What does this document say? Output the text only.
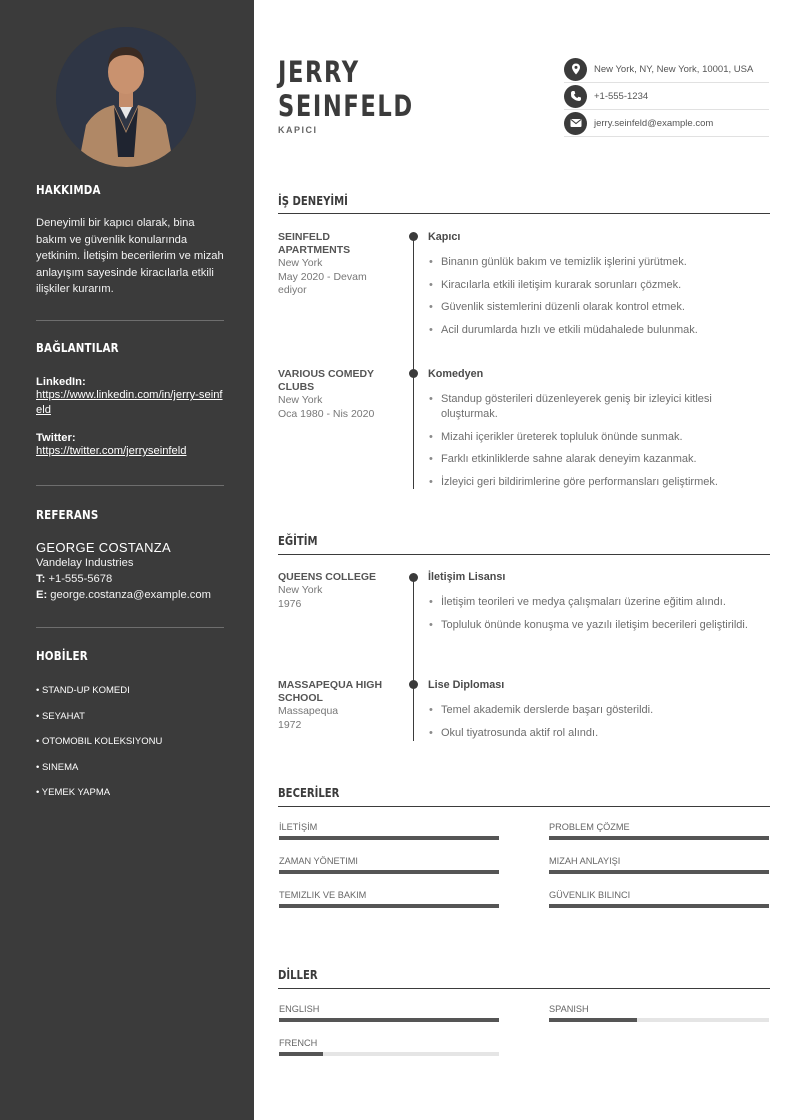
HAKKIMDA
Deneyimli bir kapıcı olarak, bina bakım ve güvenlik konularında yetkinim. İletişim becerilerim ve mizah anlayışım sayesinde kiracılarla etkili ilişkiler kurarım.
BAĞLANTILAR
LinkedIn:
https://www.linkedin.com/in/jerry-seinfeld
Twitter:
https://twitter.com/jerryseinfeld
REFERANS
GEORGE COSTANZA
Vandelay Industries
T: +1-555-5678
E: george.costanza@example.com
HOBİLER
• STAND-UP KOMEDI
• SEYAHAT
• OTOMOBIL KOLEKSIYONU
• SINEMA
• YEMEK YAPMA
JERRY
SEINFELD
KAPICI
New York, NY, New York, 10001, USA
+1-555-1234
jerry.seinfeld@example.com
İŞ DENEYİMİ
SEINFELD APARTMENTS
New York
May 2020 - Devam ediyor
Kapıcı
• Binanın günlük bakım ve temizlik işlerini yürütmek.
• Kiracılarla etkili iletişim kurarak sorunları çözmek.
• Güvenlik sistemlerini düzenli olarak kontrol etmek.
• Acil durumlarda hızlı ve etkili müdahalede bulunmak.
VARIOUS COMEDY CLUBS
New York
Oca 1980 - Nis 2020
Komedyen
• Standup gösterileri düzenleyerek geniş bir izleyici kitlesi oluşturmak.
• Mizahi içerikler üreterek topluluk önünde sunmak.
• Farklı etkinliklerde sahne alarak deneyim kazanmak.
• İzleyici geri bildirimlerine göre performansları geliştirmek.
EĞİTİM
QUEENS COLLEGE
New York
1976
İletişim Lisansı
• İletişim teorileri ve medya çalışmaları üzerine eğitim alındı.
• Topluluk önünde konuşma ve yazılı iletişim becerileri geliştirildi.
MASSAPEQUA HIGH SCHOOL
Massapequa
1972
Lise Diploması
• Temel akademik derslerde başarı gösterildi.
• Okul tiyatrosunda aktif rol alındı.
BECERİLER
İLETİŞİM	PROBLEM ÇÖZME
ZAMAN YÖNETIMI	MIZAH ANLAYIŞI
TEMIZLIK VE BAKIM	GÜVENLIK BILINCI
DİLLER
ENGLISH	SPANISH
FRENCH
